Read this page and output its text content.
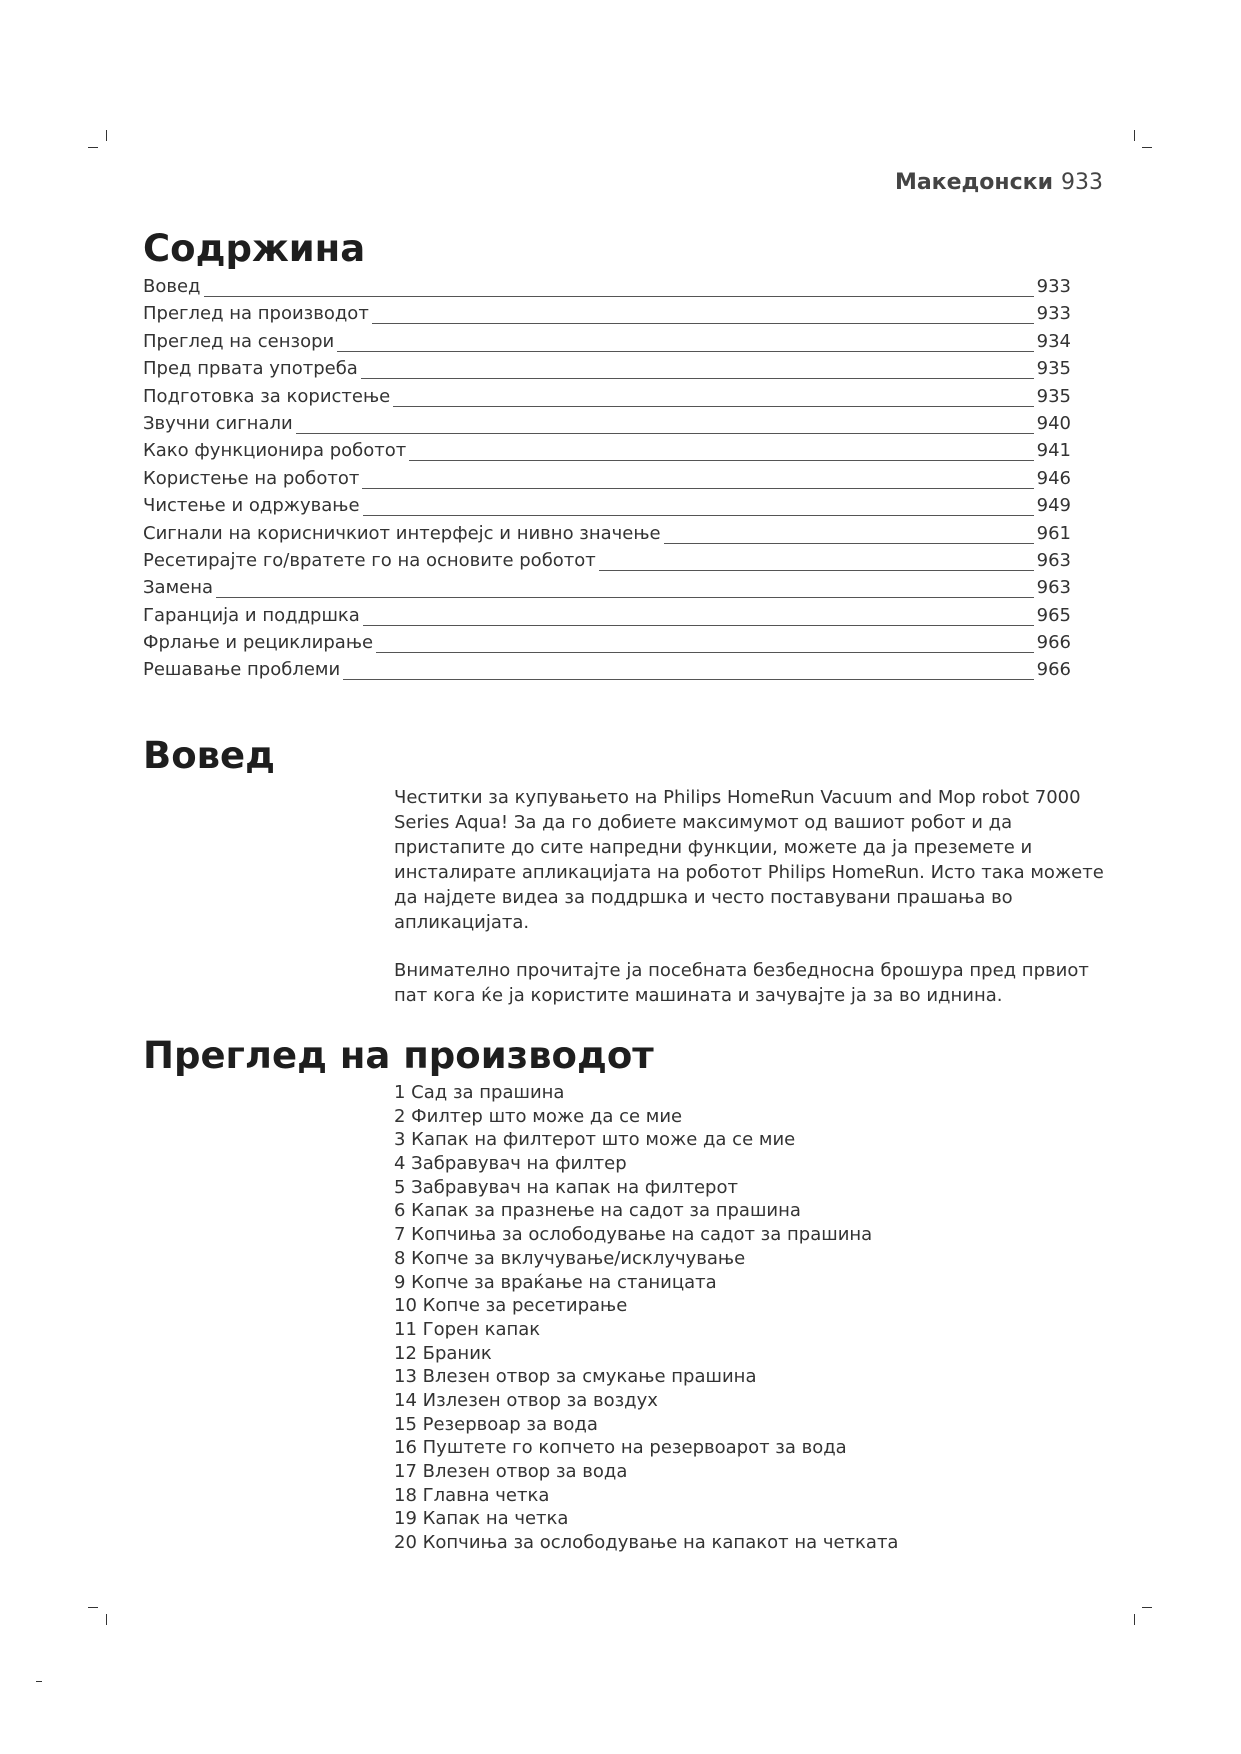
Македонски 933
Содржина
Вовед	933
Преглед на производот	933
Преглед на сензори	934
Пред првата употреба	935
Подготовка за користење	935
Звучни сигнали	940
Како функционира роботот	941
Користење на роботот	946
Чистење и одржување	949
Сигнали на корисничкиот интерфејс и нивно значење	961
Ресетирајте го/вратете го на основите роботот	963
Замена	963
Гаранција и поддршка	965
Фрлање и рециклирање	966
Решавање проблеми	966
Вовед

Честитки за купувањето на Philips HomeRun Vacuum and Mop robot 7000 Series Aqua! За да го добиете максимумот од вашиот робот и да пристапите до сите напредни функции, можете да ја преземете и инсталирате апликацијата на роботот Philips HomeRun. Исто така можете да најдете видеа за поддршка и често поставувани прашања во апликацијата.

Внимателно прочитајте ја посебната безбедносна брошура пред првиот пат кога ќе ја користите машината и зачувајте ја за во иднина.

Преглед на производот
1 Сад за прашина
2 Филтер што може да се мие
3 Капак на филтерот што може да се мие
4 Забравувач на филтер
5 Забравувач на капак на филтерот
6 Капак за празнење на садот за прашина
7 Копчиња за ослободување на садот за прашина
8 Копче за вклучување/исклучување
9 Копче за враќање на станицата
10 Копче за ресетирање
11 Горен капак
12 Браник
13 Влезен отвор за смукање прашина
14 Излезен отвор за воздух
15 Резервоар за вода
16 Пуштете го копчето на резервоарот за вода
17 Влезен отвор за вода
18 Главна четка
19 Капак на четка
20 Копчиња за ослободување на капакот на четката
